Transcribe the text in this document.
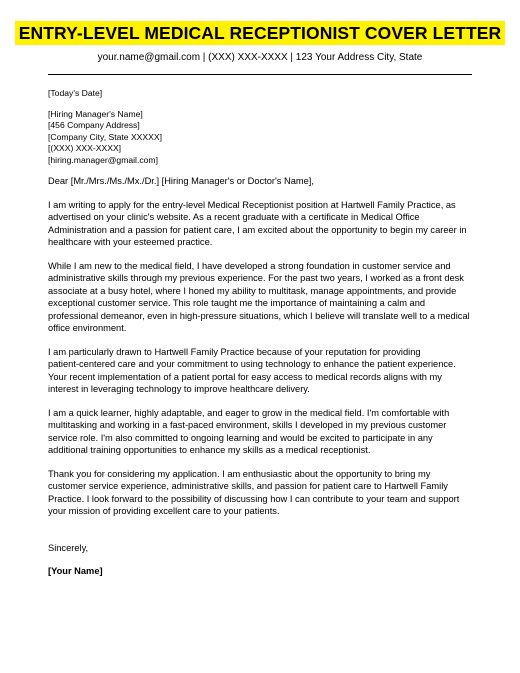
ENTRY-LEVEL MEDICAL RECEPTIONIST COVER LETTER
your.name@gmail.com | (XXX) XXX-XXXX | 123 Your Address City, State

[Today's Date]

[Hiring Manager's Name]
[456 Company Address]
[Company City, State XXXXX]
[(XXX) XXX-XXXX]
[hiring.manager@gmail.com]

Dear [Mr./Mrs./Ms./Mx./Dr.] [Hiring Manager's or Doctor's Name],

I am writing to apply for the entry-level Medical Receptionist position at Hartwell Family Practice, as
advertised on your clinic's website. As a recent graduate with a certificate in Medical Office
Administration and a passion for patient care, I am excited about the opportunity to begin my career in
healthcare with your esteemed practice.
While I am new to the medical field, I have developed a strong foundation in customer service and
administrative skills through my previous experience. For the past two years, I worked as a front desk
associate at a busy hotel, where I honed my ability to multitask, manage appointments, and provide
exceptional customer service. This role taught me the importance of maintaining a calm and
professional demeanor, even in high-pressure situations, which I believe will translate well to a medical
office environment.
I am particularly drawn to Hartwell Family Practice because of your reputation for providing
patient-centered care and your commitment to using technology to enhance the patient experience.
Your recent implementation of a patient portal for easy access to medical records aligns with my
interest in leveraging technology to improve healthcare delivery.
I am a quick learner, highly adaptable, and eager to grow in the medical field. I'm comfortable with
multitasking and working in a fast-paced environment, skills I developed in my previous customer
service role. I'm also committed to ongoing learning and would be excited to participate in any
additional training opportunities to enhance my skills as a medical receptionist.
Thank you for considering my application. I am enthusiastic about the opportunity to bring my
customer service experience, administrative skills, and passion for patient care to Hartwell Family
Practice. I look forward to the possibility of discussing how I can contribute to your team and support
your mission of providing excellent care to your patients.

Sincerely,

[Your Name]
